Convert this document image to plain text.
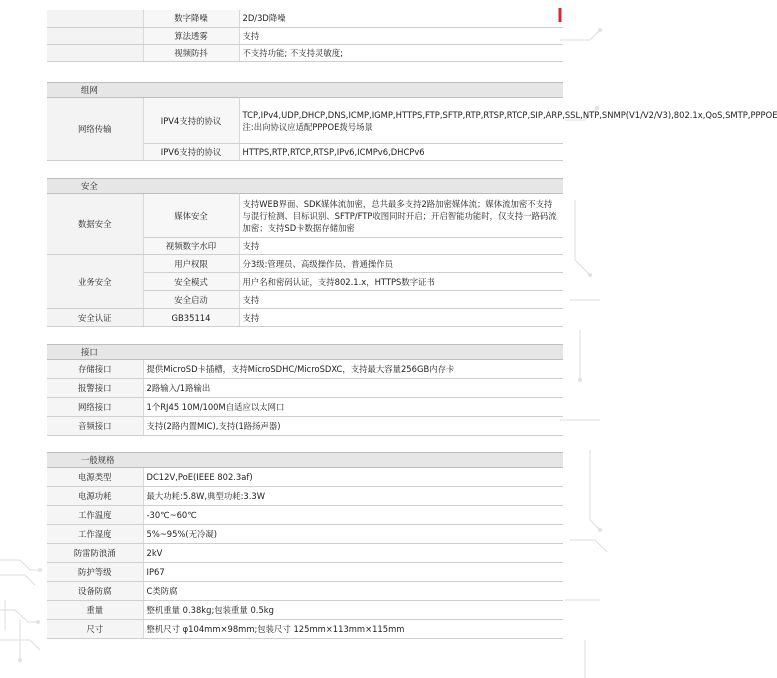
	数字降噪	2D/3D降噪
	算法透雾	支持
	视频防抖	不支持功能; 不支持灵敏度;
组网		
网络传输	IPV4支持的协议	TCP,IPv4,UDP,DHCP,DNS,ICMP,IGMP,HTTPS,FTP,SFTP,RTP,RTSP,RTCP,SIP,ARP,SSL,NTP,SNMP(V1/V2/V3),802.1x,QoS,SMTP,PPPOE 注:出向协议应适配PPPOE拨号场景
	IPV6支持的协议	HTTPS,RTP,RTCP,RTSP,IPv6,ICMPv6,DHCPv6
安全		
数据安全	媒体安全	支持WEB界面、SDK媒体流加密，总共最多支持2路加密媒体流；媒体流加密不支持与混行检测、目标识别、SFTP/FTP收图同时开启；开启智能功能时，仅支持一路码流加密；支持SD卡数据存储加密
	视频数字水印	支持
业务安全	用户权限	分3级:管理员、高级操作员、普通操作员
	安全模式	用户名和密码认证，支持802.1.x，HTTPS数字证书
	安全启动	支持
安全认证	GB35114	支持
接口	
存储接口	提供MicroSD卡插槽，支持MicroSDHC/MicroSDXC，支持最大容量256GB内存卡
报警接口	2路输入/1路输出
网络接口	1个RJ45 10M/100M自适应以太网口
音频接口	支持(2路内置MIC),支持(1路扬声器)
一般规格	
电源类型	DC12V,PoE(IEEE 802.3af)
电源功耗	最大功耗:5.8W,典型功耗:3.3W
工作温度	-30℃~60℃
工作湿度	5%~95%(无冷凝)
防雷防浪涌	2kV
防护等级	IP67
设备防腐	C类防腐
重量	整机重量 0.38kg;包装重量 0.5kg
尺寸	整机尺寸 φ104mm×98mm;包装尺寸 125mm×113mm×115mm
